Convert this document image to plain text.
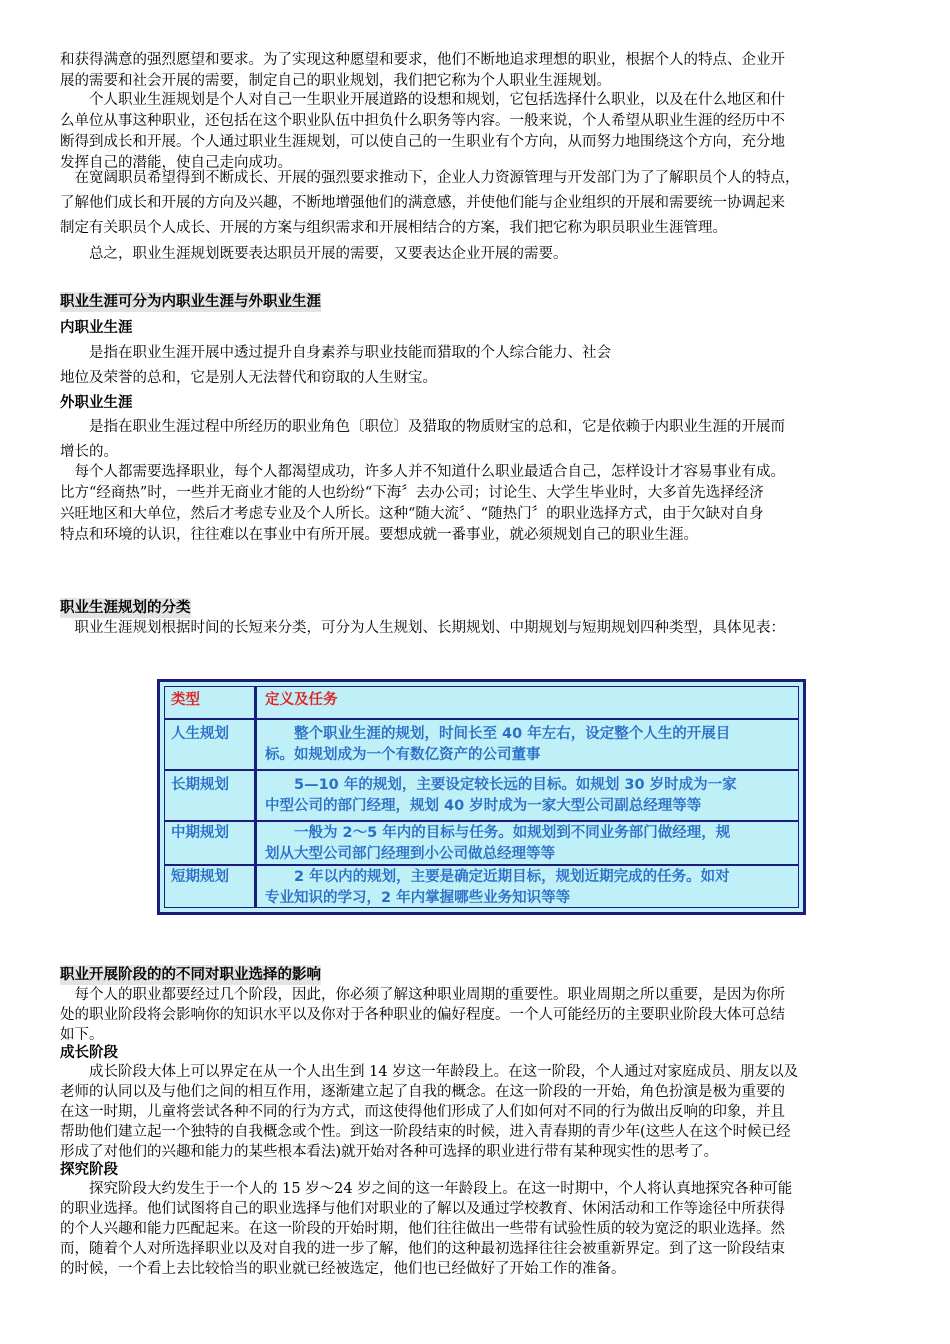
和获得满意的强烈愿望和要求。为了实现这种愿望和要求，他们不断地追求理想的职业，根据个人的特点、企业开
展的需要和社会开展的需要，制定自己的职业规划，我们把它称为个人职业生涯规划。
　　个人职业生涯规划是个人对自己一生职业开展道路的设想和规划，它包括选择什么职业，以及在什么地区和什
么单位从事这种职业，还包括在这个职业队伍中担负什么职务等内容。一般来说，个人希望从职业生涯的经历中不
断得到成长和开展。个人通过职业生涯规划，可以使自己的一生职业有个方向，从而努力地围绕这个方向，充分地
发挥自己的潜能，使自己走向成功。
　在宽阔职员希望得到不断成长、开展的强烈要求推动下，企业人力资源管理与开发部门为了了解职员个人的特点，
了解他们成长和开展的方向及兴趣，不断地增强他们的满意感，并使他们能与企业组织的开展和需要统一协调起来
制定有关职员个人成长、开展的方案与组织需求和开展相结合的方案，我们把它称为职员职业生涯管理。
　　总之，职业生涯规划既要表达职员开展的需要，又要表达企业开展的需要。
职业生涯可分为内职业生涯与外职业生涯
内职业生涯
　　是指在职业生涯开展中透过提升自身素养与职业技能而猎取的个人综合能力、社会
地位及荣誉的总和，它是别人无法替代和窃取的人生财宝。
外职业生涯
　　是指在职业生涯过程中所经历的职业角色〔职位〕及猎取的物质财宝的总和，它是依赖于内职业生涯的开展而
增长的。
　每个人都需要选择职业，每个人都渴望成功，许多人并不知道什么职业最适合自己，怎样设计才容易事业有成。
比方“经商热”时，一些并无商业才能的人也纷纷“下海〞去办公司；讨论生、大学生毕业时，大多首先选择经济
兴旺地区和大单位，然后才考虑专业及个人所长。这种“随大流〞、“随热门〞的职业选择方式，由于欠缺对自身
特点和环境的认识，往往难以在事业中有所开展。要想成就一番事业，就必须规划自己的职业生涯。
职业生涯规划的分类
　职业生涯规划根据时间的长短来分类，可分为人生规划、长期规划、中期规划与短期规划四种类型，具体见表：
类型	定义及任务
人生规划	　　整个职业生涯的规划，时间长至 40 年左右，设定整个人生的开展目
标。如规划成为一个有数亿资产的公司董事
长期规划	　　5—10 年的规划，主要设定较长远的目标。如规划 30 岁时成为一家
中型公司的部门经理，规划 40 岁时成为一家大型公司副总经理等等
中期规划	　　一般为 2～5 年内的目标与任务。如规划到不同业务部门做经理，规
划从大型公司部门经理到小公司做总经理等等
短期规划	　　2 年以内的规划，主要是确定近期目标，规划近期完成的任务。如对
专业知识的学习，2 年内掌握哪些业务知识等等
职业开展阶段的的不同对职业选择的影响
　每个人的职业都要经过几个阶段，因此，你必须了解这种职业周期的重要性。职业周期之所以重要，是因为你所
处的职业阶段将会影响你的知识水平以及你对于各种职业的偏好程度。一个人可能经历的主要职业阶段大体可总结
如下。
成长阶段
　　成长阶段大体上可以界定在从一个人出生到 14 岁这一年龄段上。在这一阶段，个人通过对家庭成员、朋友以及
老师的认同以及与他们之间的相互作用，逐渐建立起了自我的概念。在这一阶段的一开始，角色扮演是极为重要的
在这一时期，儿童将尝试各种不同的行为方式，而这使得他们形成了人们如何对不同的行为做出反响的印象，并且
帮助他们建立起一个独特的自我概念或个性。到这一阶段结束的时候，进入青春期的青少年(这些人在这个时候已经
形成了对他们的兴趣和能力的某些根本看法)就开始对各种可选择的职业进行带有某种现实性的思考了。
探究阶段
　　探究阶段大约发生于一个人的 15 岁～24 岁之间的这一年龄段上。在这一时期中，个人将认真地探究各种可能
的职业选择。他们试图将自己的职业选择与他们对职业的了解以及通过学校教育、休闲活动和工作等途径中所获得
的个人兴趣和能力匹配起来。在这一阶段的开始时期，他们往往做出一些带有试验性质的较为宽泛的职业选择。然
而，随着个人对所选择职业以及对自我的进一步了解，他们的这种最初选择往往会被重新界定。到了这一阶段结束
的时候，一个看上去比较恰当的职业就已经被选定，他们也已经做好了开始工作的准备。
